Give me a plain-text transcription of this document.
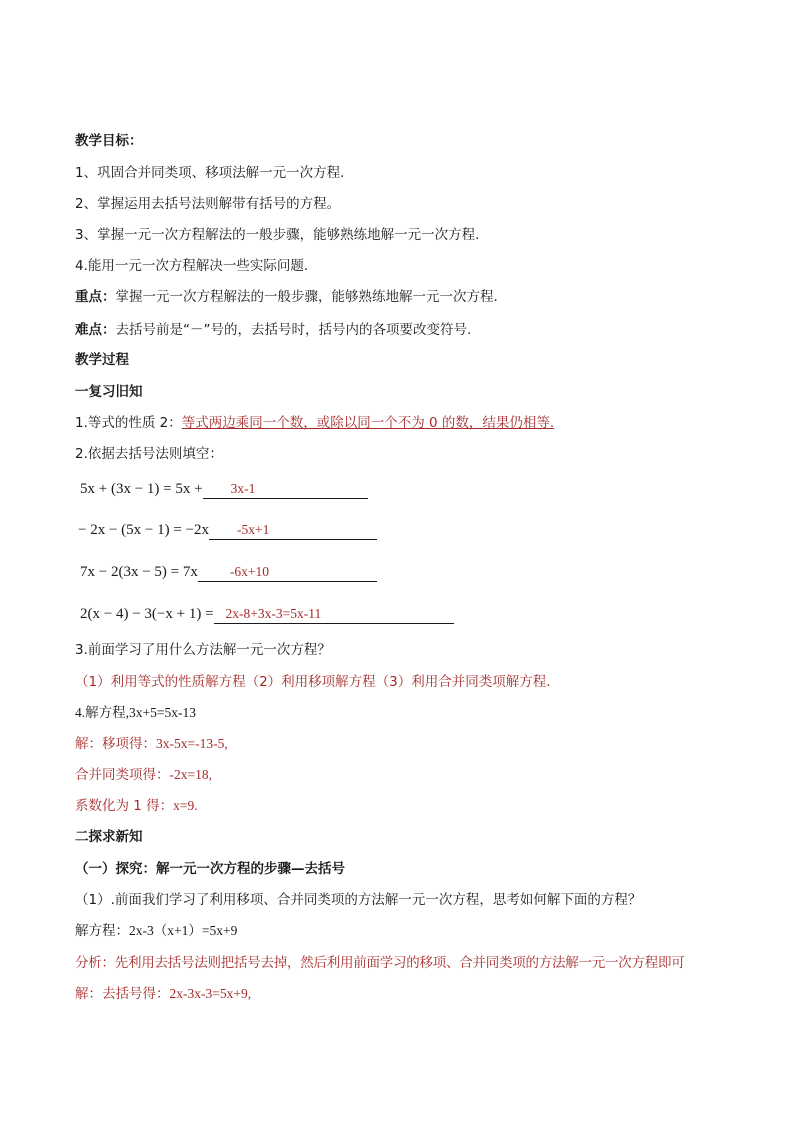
教学目标：
1、巩固合并同类项、移项法解一元一次方程.
2、掌握运用去括号法则解带有括号的方程。
3、掌握一元一次方程解法的一般步骤，能够熟练地解一元一次方程.
4.能用一元一次方程解决一些实际问题.
重点：掌握一元一次方程解法的一般步骤，能够熟练地解一元一次方程.
难点：去括号前是“－”号的，去括号时，括号内的各项要改变符号.
教学过程
一复习旧知
1.等式的性质 2：等式两边乘同一个数，或除以同一个不为 0 的数，结果仍相等.
2.依据去括号法则填空：
5x + (3x − 1) = 5x + 3x-1
− 2x − (5x − 1) = −2x -5x+1
7x − 2(3x − 5) = 7x -6x+10
2(x − 4) − 3(−x + 1) = 2x-8+3x-3=5x-11
3.前面学习了用什么方法解一元一次方程？
（1）利用等式的性质解方程（2）利用移项解方程（3）利用合并同类项解方程.
4.解方程,3x+5=5x-13
解：移项得：3x-5x=-13-5,
合并同类项得：-2x=18,
系数化为 1 得：x=9.
二探求新知
（一）探究：解一元一次方程的步骤—去括号
（1）.前面我们学习了利用移项、合并同类项的方法解一元一次方程，思考如何解下面的方程？
解方程：2x-3（x+1）=5x+9
分析：先利用去括号法则把括号去掉，然后利用前面学习的移项、合并同类项的方法解一元一次方程即可
解：去括号得：2x-3x-3=5x+9,
